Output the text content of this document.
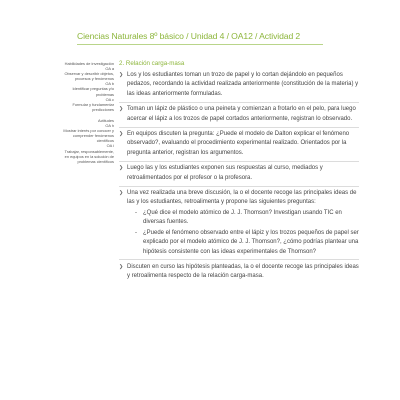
Ciencias Naturales 8º básico / Unidad 4 / OA12 / Actividad 2
Habilidades de investigación
OA a
Observar y describir objetos, procesos y fenómenos
OA b
Identificar preguntas y/o problemas
OA c
Formular y fundamentar predicciones
Actitudes
OA h
Mostrar interés por conocer y comprender fenómenos científicos
OA i
Trabajar, responsablemente, en equipos en la solución de problemas científicos
2. Relación carga-masa
❯ Los y los estudiantes toman un trozo de papel y lo cortan dejándolo en pequeños pedazos, recordando la actividad realizada anteriormente (constitución de la materia) y las ideas anteriormente formuladas.
❯ Toman un lápiz de plástico o una peineta y comienzan a frotarlo en el pelo, para luego acercar el lápiz a los trozos de papel cortados anteriormente, registran lo observado.
❯ En equipos discuten la pregunta: ¿Puede el modelo de Dalton explicar el fenómeno observado?, evaluando el procedimiento experimental realizado. Orientados por la pregunta anterior, registran los argumentos.
❯ Luego las y los estudiantes exponen sus respuestas al curso, mediados y retroalimentados por el profesor o la profesora.
❯ Una vez realizada una breve discusión, la o el docente recoge las principales ideas de las y los estudiantes, retroalimenta y propone las siguientes preguntas:
-	¿Qué dice el modelo atómico de J. J. Thomson? Investigan usando TIC en diversas fuentes.
-	¿Puede el fenómeno observado entre el lápiz y los trozos pequeños de papel ser explicado por el modelo atómico de J. J. Thomson?, ¿cómo podrías plantear una hipótesis consistente con las ideas experimentales de Thomson?
❯ Discuten en curso las hipótesis planteadas, la o el docente recoge las principales ideas y retroalimenta respecto de la relación carga-masa.
